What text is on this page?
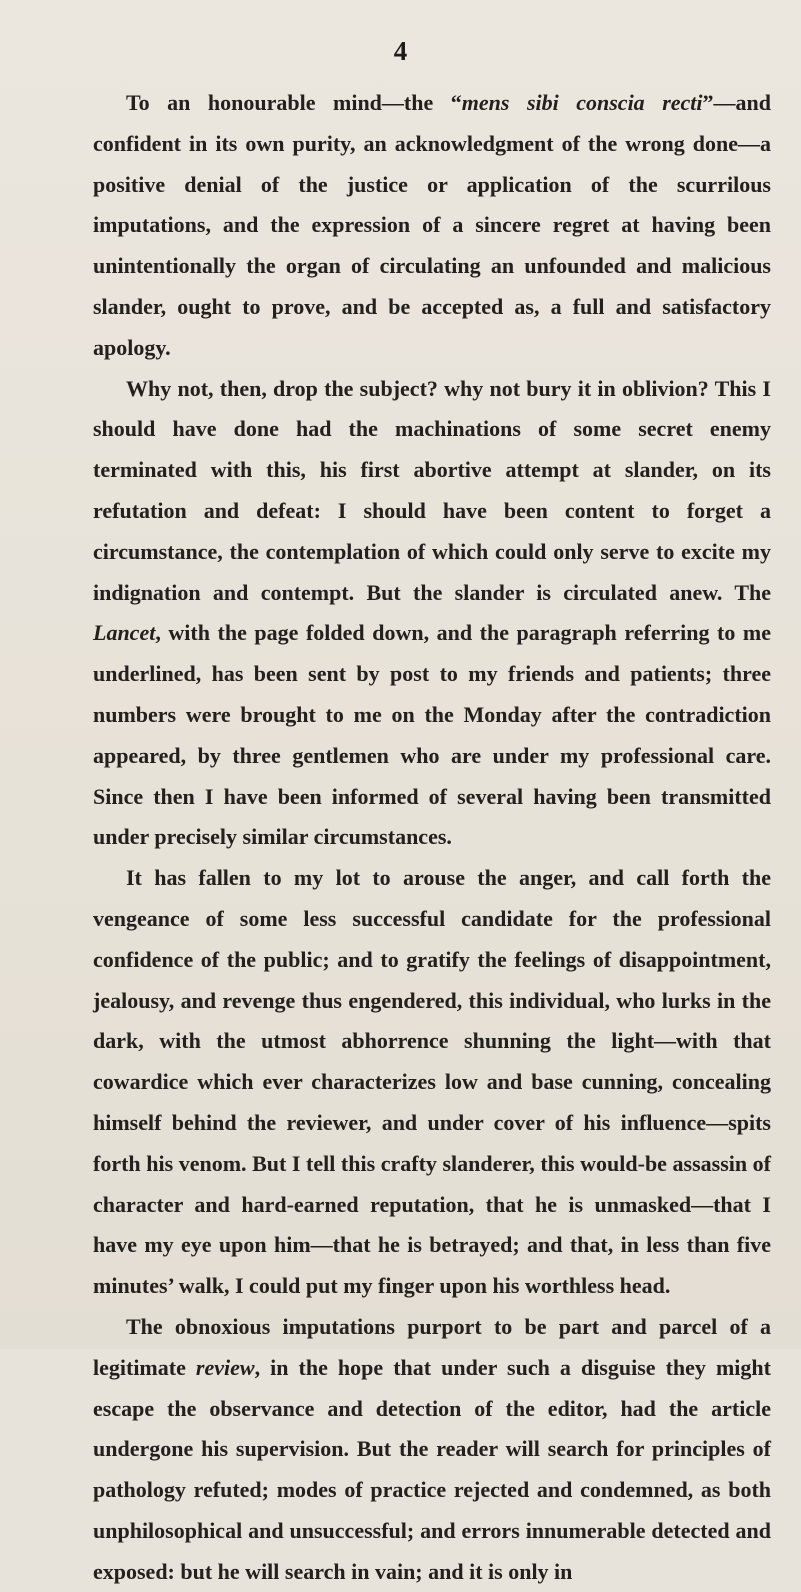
4

To an honourable mind—the “mens sibi conscia recti”—and confident in its own purity, an acknowledgment of the wrong done—a positive denial of the justice or application of the scurrilous imputations, and the expression of a sincere regret at having been unintentionally the organ of circulating an unfounded and malicious slander, ought to prove, and be accepted as, a full and satisfactory apology.

Why not, then, drop the subject? why not bury it in oblivion? This I should have done had the machinations of some secret enemy terminated with this, his first abortive attempt at slander, on its refutation and defeat: I should have been content to forget a circumstance, the contemplation of which could only serve to excite my indignation and contempt. But the slander is circulated anew. The Lancet, with the page folded down, and the paragraph referring to me underlined, has been sent by post to my friends and patients; three numbers were brought to me on the Monday after the contradiction appeared, by three gentlemen who are under my professional care. Since then I have been informed of several having been transmitted under precisely similar circumstances.

It has fallen to my lot to arouse the anger, and call forth the vengeance of some less successful candidate for the professional confidence of the public; and to gratify the feelings of disappointment, jealousy, and revenge thus engendered, this individual, who lurks in the dark, with the utmost abhorrence shunning the light—with that cowardice which ever characterizes low and base cunning, concealing himself behind the reviewer, and under cover of his influence—spits forth his venom. But I tell this crafty slanderer, this would-be assassin of character and hard-earned reputation, that he is unmasked—that I have my eye upon him—that he is betrayed; and that, in less than five minutes’ walk, I could put my finger upon his worthless head.

The obnoxious imputations purport to be part and parcel of a legitimate review, in the hope that under such a disguise they might escape the observance and detection of the editor, had the article undergone his supervision. But the reader will search for principles of pathology refuted; modes of practice rejected and condemned, as both unphilosophical and unsuccessful; and errors innumerable detected and exposed: but he will search in vain; and it is only in
